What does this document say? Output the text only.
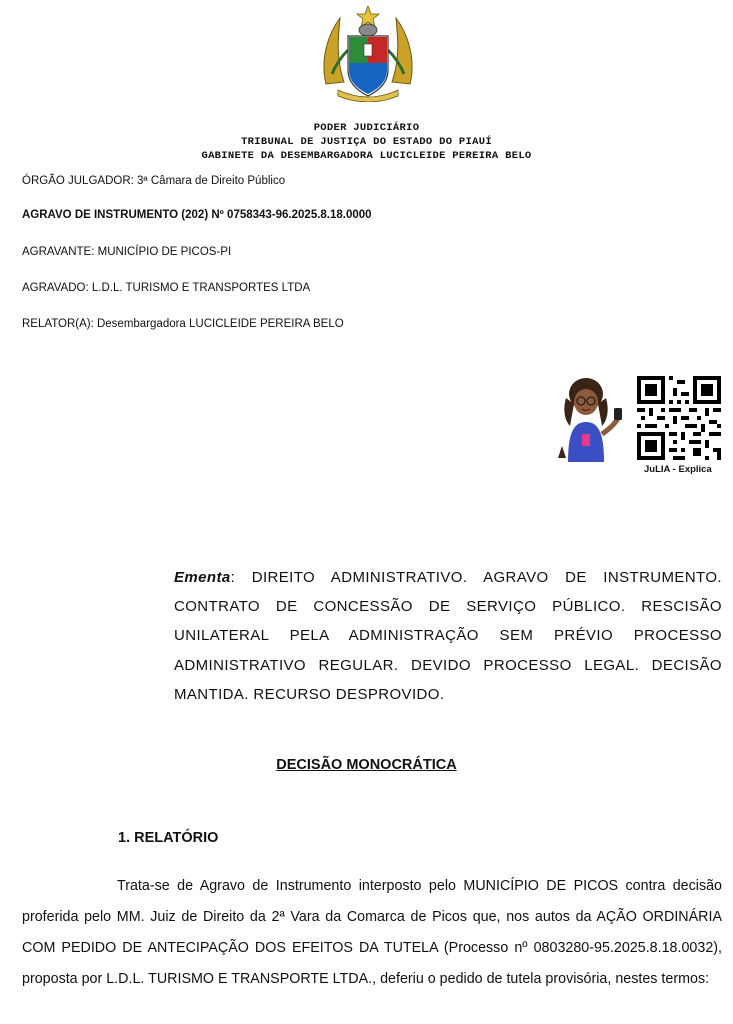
PODER JUDICIÁRIO
TRIBUNAL DE JUSTIÇA DO ESTADO DO PIAUÍ
GABINETE DA DESEMBARGADORA LUCICLEIDE PEREIRA BELO
ÓRGÃO JULGADOR: 3ª Câmara de Direito Público
AGRAVO DE INSTRUMENTO (202) Nº 0758343-96.2025.8.18.0000
AGRAVANTE: MUNICÍPIO DE PICOS-PI
AGRAVADO: L.D.L. TURISMO E TRANSPORTES LTDA
RELATOR(A): Desembargadora LUCICLEIDE PEREIRA BELO
JuLIA - Explica
Ementa: DIREITO ADMINISTRATIVO. AGRAVO DE INSTRUMENTO. CONTRATO DE CONCESSÃO DE SERVIÇO PÚBLICO. RESCISÃO UNILATERAL PELA ADMINISTRAÇÃO SEM PRÉVIO PROCESSO ADMINISTRATIVO REGULAR. DEVIDO PROCESSO LEGAL. DECISÃO MANTIDA. RECURSO DESPROVIDO.
DECISÃO MONOCRÁTICA
1. RELATÓRIO
Trata-se de Agravo de Instrumento interposto pelo MUNICÍPIO DE PICOS contra decisão proferida pelo MM. Juiz de Direito da 2ª Vara da Comarca de Picos que, nos autos da AÇÃO ORDINÁRIA COM PEDIDO DE ANTECIPAÇÃO DOS EFEITOS DA TUTELA (Processo nº 0803280-95.2025.8.18.0032), proposta por L.D.L. TURISMO E TRANSPORTE LTDA., deferiu o pedido de tutela provisória, nestes termos:
